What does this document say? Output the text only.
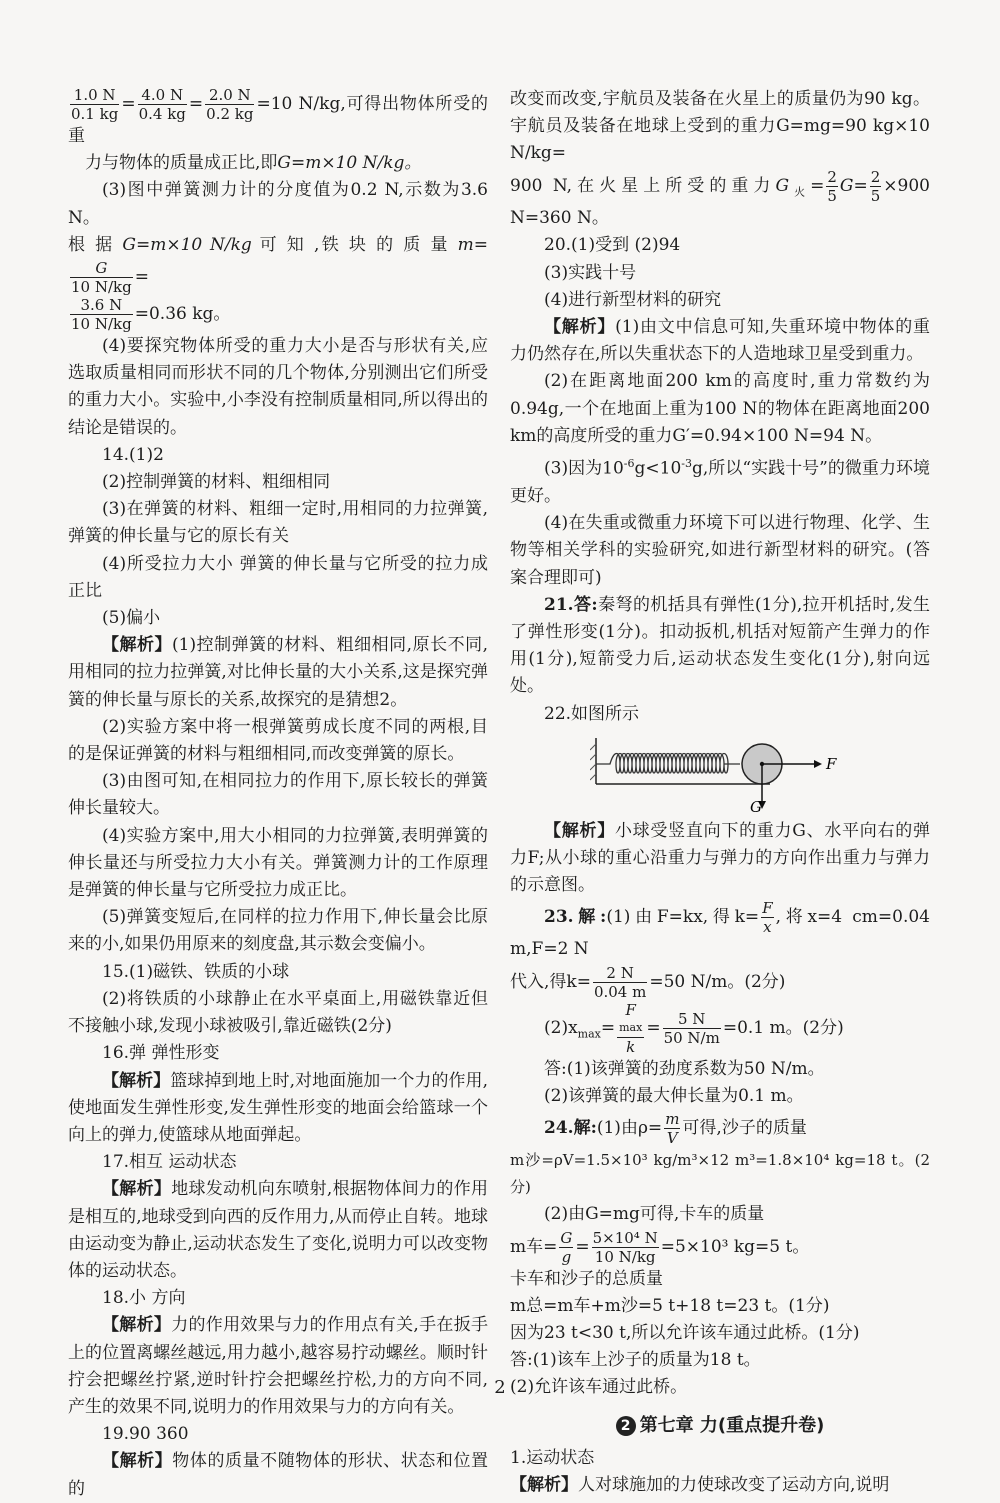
$\frac{1.0 N}{0.1 kg} = \frac{4.0 N}{0.4 kg} = \frac{2.0 N}{0.2 kg} =10$ N/kg,可得出物体所受的重

力与物体的质量成正比,即G=m×10 N/kg。

(3)图中弹簧测力计的分度值为0.2 N,示数为3.6 N。

根 据 G=m×10 N/kg 可 知 ,铁 块 的 质 量 m=
$\frac{G}{10 N/kg}$ =

$\frac{3.6 N}{10 N/kg} =0.36$ kg。

(4)要探究物体所受的重力大小是否与形状有关,应选取质量相同而形状不同的几个物体,分别测出它们所受的重力大小。实验中,小李没有控制质量相同,所以得出的结论是错误的。

14.(1)2

(2)控制弹簧的材料、粗细相同

(3)在弹簧的材料、粗细一定时,用相同的力拉弹簧,弹簧的伸长量与它的原长有关

(4)所受拉力大小 弹簧的伸长量与它所受的拉力成正比

(5)偏小

【解析】(1)控制弹簧的材料、粗细相同,原长不同,用相同的拉力拉弹簧,对比伸长量的大小关系,这是探究弹簧的伸长量与原长的关系,故探究的是猜想2。

(2)实验方案中将一根弹簧剪成长度不同的两根,目的是保证弹簧的材料与粗细相同,而改变弹簧的原长。

(3)由图可知,在相同拉力的作用下,原长较长的弹簧伸长量较大。

(4)实验方案中,用大小相同的力拉弹簧,表明弹簧的伸长量还与所受拉力大小有关。弹簧测力计的工作原理是弹簧的伸长量与它所受拉力成正比。

(5)弹簧变短后,在同样的拉力作用下,伸长量会比原来的小,如果仍用原来的刻度盘,其示数会变偏小。

15.(1)磁铁、铁质的小球

(2)将铁质的小球静止在水平桌面上,用磁铁靠近但不接触小球,发现小球被吸引,靠近磁铁(2分)

16.弹 弹性形变

【解析】篮球掉到地上时,对地面施加一个力的作用,使地面发生弹性形变,发生弹性形变的地面会给篮球一个向上的弹力,使篮球从地面弹起。

17.相互 运动状态

【解析】地球发动机向东喷射,根据物体间力的作用是相互的,地球受到向西的反作用力,从而停止自转。地球由运动变为静止,运动状态发生了变化,说明力可以改变物体的运动状态。

18.小 方向

【解析】力的作用效果与力的作用点有关,手在扳手上的位置离螺丝越远,用力越小,越容易拧动螺丝。顺时针拧会把螺丝拧紧,逆时针拧会把螺丝拧松,力的方向不同,产生的效果不同,说明力的作用效果与力的方向有关。

19.90 360

【解析】物体的质量不随物体的形状、状态和位置的

改变而改变,宇航员及装备在火星上的质量仍为90 kg。宇航员及装备在地球上受到的重力G=mg=90 kg×10 N/kg=

900 N,在火星上所受的重力$G_火= \frac{2}{5} G= \frac{2}{5} \times 900$ N=360 N。

20.(1)受到 (2)94

(3)实践十号

(4)进行新型材料的研究

【解析】(1)由文中信息可知,失重环境中物体的重力仍然存在,所以失重状态下的人造地球卫星受到重力。

(2)在距离地面200 km的高度时,重力常数约为0.94g,一个在地面上重为100 N的物体在距离地面200 km的高度所受的重力G′=0.94×100 N=94 N。

(3)因为$10^{-6}g<10^{-3}g$,所以“实践十号”的微重力环境更好。

(4)在失重或微重力环境下可以进行物理、化学、生物等相关学科的实验研究,如进行新型材料的研究。(答案合理即可)

21.答:秦弩的机括具有弹性(1分),拉开机括时,发生了弹性形变(1分)。扣动扳机,机括对短箭产生弹力的作用(1分),短箭受力后,运动状态发生变化(1分),射向远处。

22.如图所示

F
G

【解析】小球受竖直向下的重力G、水平向右的弹力F;从小球的重心沿重力与弹力的方向作出重力与弹力的示意图。

23.解:(1)由F=kx,得$k= \frac{F}{x}$ ,将x=4 cm=0.04 m,F=2 N

代入,得$k= \frac{2 N}{0.04 m} =50$ N/m。(2分)

$(2)x_{max}= F$
max
$k = \frac{5 N}{50 N/m} =0.1$ m。(2分)

答:(1)该弹簧的劲度系数为50 N/m。

(2)该弹簧的最大伸长量为0.1 m。

24.解:(1)由$\rho= \frac{m}{V}$ 可得,沙子的质量

m沙=ρV=1.5×10³ kg/m³×12 m³=1.8×10⁴ kg=18 t。(2分)

(2)由G=mg可得,卡车的质量

m车= $\frac{G}{g} = \frac{\text{5×10⁴ N}}{10 N/kg} =5\times 10^3$ kg=5 t。

卡车和沙子的总质量

m总=m车+m沙=5 t+18 t=23 t。(1分)

因为23 t<30 t,所以允许该车通过此桥。(1分)

答:(1)该车上沙子的质量为18 t。

(2)允许该车通过此桥。

2 第七章 力(重点提升卷)

1.运动状态

【解析】人对球施加的力使球改变了运动方向,说明

2
